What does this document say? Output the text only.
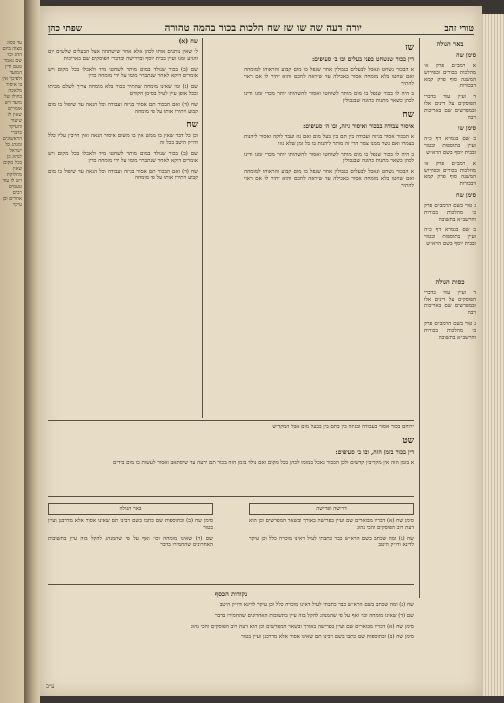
עד בסוג מצוה ביום החג וכו׳ שם נאמר טעם ודין המועד ולפיכך אין בו איסור מלאכה בחולו של מועד ויש אומרים שאין לו שיעור והעיקר כדברי הראשונים ומנהג כל ישראל לנהוג כן בכל מקום שאין מחלוקת ויש לו עוד טעמים רבים אחרים וכן עיקר
טורי זהב
יורה דעה שה שו שז שח הלכות בכור בהמה טהורה
שפתי כהן
באר הגולה
סימן שה

א רמב״ם פרק א׳ מהלכות בכורים ובפירוש המשנה סוף פרק קמא דבכורות

ד ועיין עוד בדברי הפוסקים על דינים אלו ובמפרשים שם באריכות רבה

סימן שו

ב שם בגמרא דף כ״ה ועיין בתוספות ובטור ובבית יוסף בשם הרא״ש

א רמב״ם פרק א׳ מהלכות בכורים ובפירוש המשנה סוף פרק קמא דבכורות

סימן שח

ג טור בשם הרמב״ם פרק ב׳ מהלכות בכורות והרשב״א בתשובה

ב שם בגמרא דף כ״ה ועיין בתוספות ובטור ובבית יוסף בשם הרא״ש

כסות הגולה

ד ועיין עוד בדברי הפוסקים על דינים אלו ובמפרשים שם באריכות רבה

ג טור בשם הרמב״ם פרק ב׳ מהלכות בכורות והרשב״א בתשובה

שז
דין בכור שנשחט בפני בעלים ובו ב׳ סעיפים:

א הבכור נשחט ונאכל לבעלים בגבולין אחר שנפל בו מום קבוע והראוהו למומחה ואם שחטו בלא מומחה אסור באכילה עד שיראה לחכם והוא יתיר לו אם ראוי להתיר

ב היה לו בכור שנפל בו מום מותר לשוחטו ואסור להשהותו יותר מכדי זמנו ודינו לכהן כשאר מתנות כהונה שבגבולין

שח
איסור עבודה בבכור ואיסור גיזה, ובו ה׳ סעיפים:

א הבכור אסור בגיזה ועבודה בין תם בין בעל מום ואם גזז ועבד לוקה ואסור ליהנות בצמרו ואם נשר ממנו צמר הרי זה מותר ליהנות בו כל זמן שלא גזזו

ב היה לו בכור שנפל בו מום מותר לשוחטו ואסור להשהותו יותר מכדי זמנו ודינו לכהן כשאר מתנות כהונה שבגבולין

א הבכור נשחט ונאכל לבעלים בגבולין אחר שנפל בו מום קבוע והראוהו למומחה ואם שחטו בלא מומחה אסור באכילה עד שיראה לחכם והוא יתיר לו אם ראוי להתיר

שח (א)

ל׳ שאין נותנים אותו לכהן אלא אחר שישתהה אצל הבעלים שלשים יום והגיע זמנו ועיין בבית יוסף ובדרישה ובדברי הפוסקים שם באריכות

שם (ב) בכור שנולד במום מותר לשחטו מיד ולאכלו בכל מקום ויש אומרים דוקא לאחר שנתברר מומו על ידי מומחה כדין

שם (ג) ומי שאינו מומחה שהתיר בכור בלא מומחה צריך לשלם מביתו ובכל אופן עיין לעיל בסימן הקודם

שח (ד) ואם הבכור תם אסור בגיזה ועבודה וכל הנאה עד שיפול בו מום קבוע ויתירו אותו על פי מומחה

שח

וכן כל דבר שאין בו ממש אין בו משום איסור הנאה ואין חייבין עליו כלל ודו״ק היטב בכל זה

שם (ב) בכור שנולד במום מותר לשחטו מיד ולאכלו בכל מקום ויש אומרים דוקא לאחר שנתברר מומו על ידי מומחה כדין

שח (ד) ואם הבכור תם אסור בגיזה ועבודה וכל הנאה עד שיפול בו מום קבוע ויתירו אותו על פי מומחה

ירוחם בכור אסור בעבודה ובגיזה בין בתם בין בבעל מום אבל המקדיש

שט
דין בכור בזמן הזה, ובו ב׳ סעיפים:

א בזמן הזה אין מקריבין קדשים ולכן הבכור נאכל במומו לכהן בכל מקום ואם נולד בזמן הזה בכור תם ירעה עד שיסתאב ואסור לעשות בו מום בידים

דרישה ופרישה

סימן שח (א) דבריו מבוארים שם ועיין בפרישה באורך ובשאר המפרשים וכן הוא דעת רוב הפוסקים והכי נהוג

שח (ג) ומה שכתב בשם הרא״ש כבר כתבתי לעיל דאינו מוכרח כלל וכן עיקר לדינא ודו״ק היטב

באר הגולה

סימן שח (ב) ובתוספות שם כתבו בשם רבינו תם שאינו אסור אלא מדרבנן ועיין בטור

שם (ד) שאינו מומחה וכו׳ ואף על פי שהמנהג להקל בזה עיין בתשובות האחרונים שהחמירו בדבר

נקודות הכסף

שח (ג) ומה שכתב בשם הרא״ש כבר כתבתי לעיל דאינו מוכרח כלל וכן עיקר לדינא ודו״ק היטב

שם (ד) שאינו מומחה וכו׳ ואף על פי שהמנהג להקל בזה עיין בתשובות האחרונים שהחמירו בדבר

סימן שח (א) דבריו מבוארים שם ועיין בפרישה באורך ובשאר המפרשים וכן הוא דעת רוב הפוסקים והכי נהוג

סימן שח (ב) ובתוספות שם כתבו בשם רבינו תם שאינו אסור אלא מדרבנן ועיין בטור

ע״ב
